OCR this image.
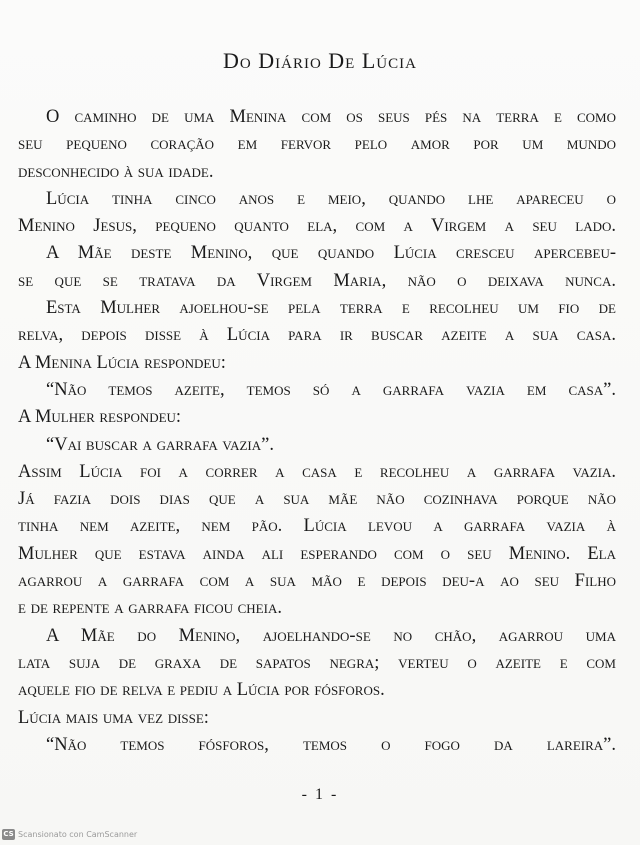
Do Diário De Lúcia
O caminho de uma Menina com os seus pés na terra e como
seu pequeno coração em fervor pelo amor por um mundo
desconhecido à sua idade.
Lúcia tinha cinco anos e meio, quando lhe apareceu o
Menino Jesus, pequeno quanto ela, com a Virgem a seu lado.
A Mãe deste Menino, que quando Lúcia cresceu apercebeu-
se que se tratava da Virgem Maria, não o deixava nunca.
Esta Mulher ajoelhou-se pela terra e recolheu um fio de
relva, depois disse à Lúcia para ir buscar azeite a sua casa.
A Menina Lúcia respondeu:
“Não temos azeite, temos só a garrafa vazia em casa”.
A Mulher respondeu:
“Vai buscar a garrafa vazia”.
Assim Lúcia foi a correr a casa e recolheu a garrafa vazia.
Já fazia dois dias que a sua mãe não cozinhava porque não
tinha nem azeite, nem pão. Lúcia levou a garrafa vazia à
Mulher que estava ainda ali esperando com o seu Menino. Ela
agarrou a garrafa com a sua mão e depois deu-a ao seu Filho
e de repente a garrafa ficou cheia.
A Mãe do Menino, ajoelhando-se no chão, agarrou uma
lata suja de graxa de sapatos negra; verteu o azeite e com
aquele fio de relva e pediu a Lúcia por fósforos.
Lúcia mais uma vez disse:
“Não temos fósforos, temos o fogo da lareira”.
- 1 -
CS Scansionato con CamScanner
